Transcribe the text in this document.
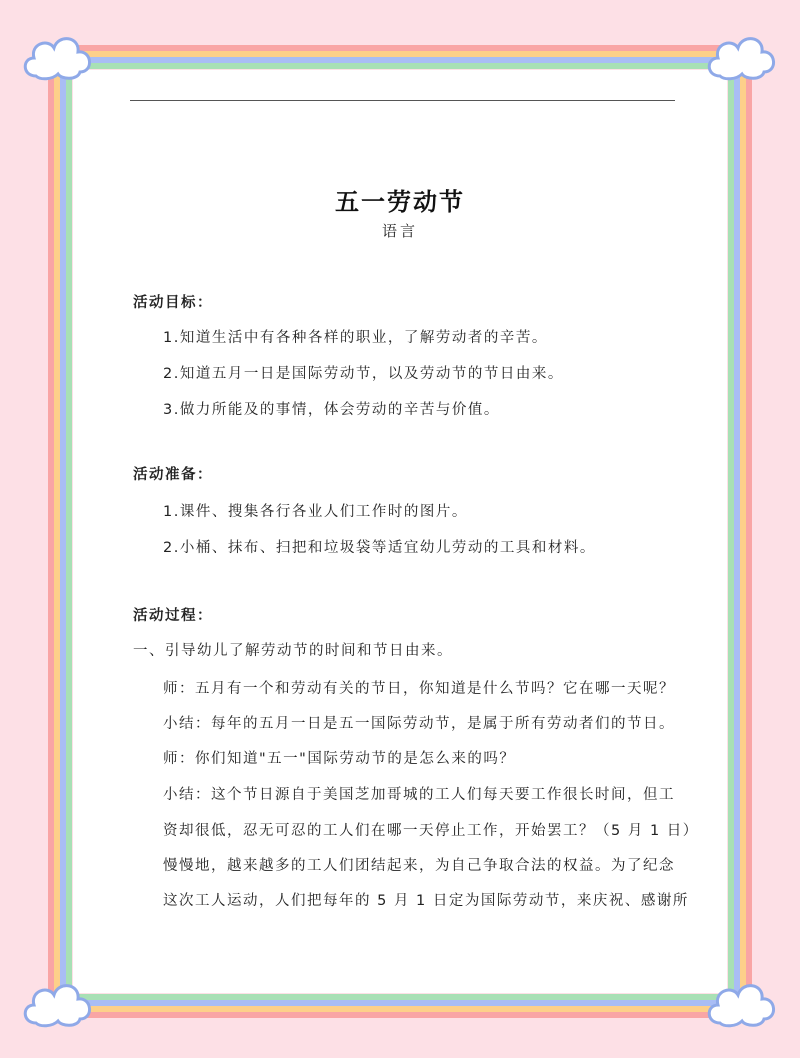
五一劳动节
语言
活动目标：
1.知道生活中有各种各样的职业，了解劳动者的辛苦。
2.知道五月一日是国际劳动节，以及劳动节的节日由来。
3.做力所能及的事情，体会劳动的辛苦与价值。
活动准备：
1.课件、搜集各行各业人们工作时的图片。
2.小桶、抹布、扫把和垃圾袋等适宜幼儿劳动的工具和材料。
活动过程：
一、引导幼儿了解劳动节的时间和节日由来。
师：五月有一个和劳动有关的节日，你知道是什么节吗？它在哪一天呢？
小结：每年的五月一日是五一国际劳动节，是属于所有劳动者们的节日。
师：你们知道"五一"国际劳动节的是怎么来的吗？
小结：这个节日源自于美国芝加哥城的工人们每天要工作很长时间，但工
资却很低，忍无可忍的工人们在哪一天停止工作，开始罢工？（5 月 1 日）
慢慢地，越来越多的工人们团结起来，为自己争取合法的权益。为了纪念
这次工人运动，人们把每年的 5 月 1 日定为国际劳动节，来庆祝、感谢所
